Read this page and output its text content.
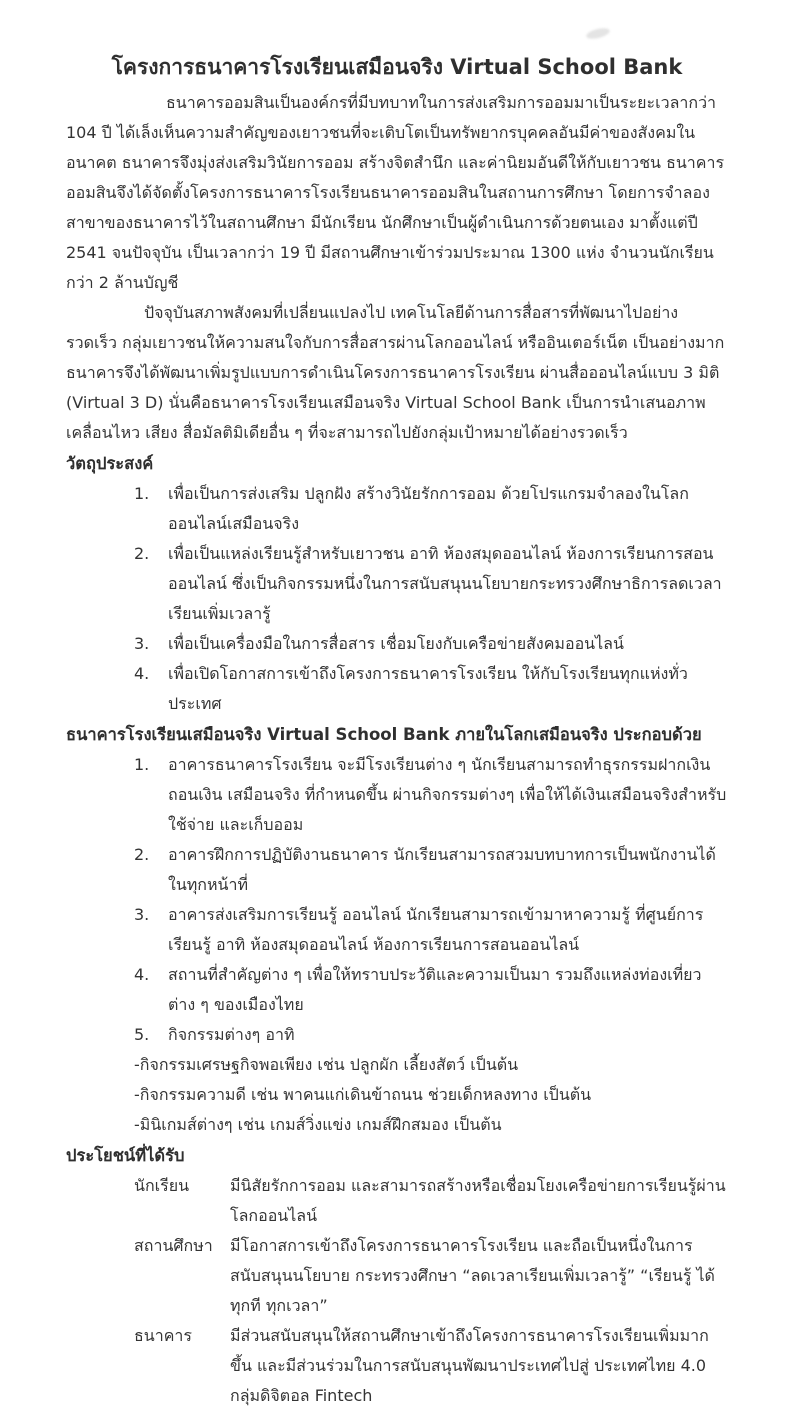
โครงการธนาคารโรงเรียนเสมือนจริง Virtual School Bank

ธนาคารออมสินเป็นองค์กรที่มีบทบาทในการส่งเสริมการออมมาเป็นระยะเวลากว่า 104 ปี ได้เล็งเห็นความสำคัญของเยาวชนที่จะเติบโตเป็นทรัพยากรบุคคลอันมีค่าของสังคมในอนาคต ธนาคารจึงมุ่งส่งเสริมวินัยการออม สร้างจิตสำนึก และค่านิยมอันดีให้กับเยาวชน ธนาคารออมสินจึงได้จัดตั้งโครงการธนาคารโรงเรียนธนาคารออมสินในสถานการศึกษา โดยการจำลองสาขาของธนาคารไว้ในสถานศึกษา มีนักเรียน นักศึกษาเป็นผู้ดำเนินการด้วยตนเอง มาตั้งแต่ปี 2541 จนปัจจุบัน เป็นเวลากว่า 19 ปี มีสถานศึกษาเข้าร่วมประมาณ 1300 แห่ง จำนวนนักเรียนกว่า 2 ล้านบัญชี

ปัจจุบันสภาพสังคมที่เปลี่ยนแปลงไป เทคโนโลยีด้านการสื่อสารที่พัฒนาไปอย่างรวดเร็ว กลุ่มเยาวชนให้ความสนใจกับการสื่อสารผ่านโลกออนไลน์ หรืออินเตอร์เน็ต เป็นอย่างมาก ธนาคารจึงได้พัฒนาเพิ่มรูปแบบการดำเนินโครงการธนาคารโรงเรียน ผ่านสื่อออนไลน์แบบ 3 มิติ (Virtual 3 D) นั่นคือธนาคารโรงเรียนเสมือนจริง Virtual School Bank เป็นการนำเสนอภาพเคลื่อนไหว เสียง สื่อมัลติมิเดียอื่น ๆ ที่จะสามารถไปยังกลุ่มเป้าหมายได้อย่างรวดเร็ว

วัตถุประสงค์
1.	เพื่อเป็นการส่งเสริม ปลูกฝัง สร้างวินัยรักการออม ด้วยโปรแกรมจำลองในโลกออนไลน์เสมือนจริง
2.	เพื่อเป็นแหล่งเรียนรู้สำหรับเยาวชน อาทิ ห้องสมุดออนไลน์ ห้องการเรียนการสอนออนไลน์ ซึ่งเป็นกิจกรรมหนึ่งในการสนับสนุนนโยบายกระทรวงศึกษาธิการลดเวลาเรียนเพิ่มเวลารู้
3.	เพื่อเป็นเครื่องมือในการสื่อสาร เชื่อมโยงกับเครือข่ายสังคมออนไลน์
4.	เพื่อเปิดโอกาสการเข้าถึงโครงการธนาคารโรงเรียน ให้กับโรงเรียนทุกแห่งทั่วประเทศ
ธนาคารโรงเรียนเสมือนจริง Virtual School Bank ภายในโลกเสมือนจริง ประกอบด้วย
1.	อาคารธนาคารโรงเรียน จะมีโรงเรียนต่าง ๆ นักเรียนสามารถทำธุรกรรมฝากเงิน ถอนเงิน เสมือนจริง ที่กำหนดขึ้น ผ่านกิจกรรมต่างๆ เพื่อให้ได้เงินเสมือนจริงสำหรับใช้จ่าย และเก็บออม
2.	อาคารฝึกการปฏิบัติงานธนาคาร นักเรียนสามารถสวมบทบาทการเป็นพนักงานได้ในทุกหน้าที่
3.	อาคารส่งเสริมการเรียนรู้ ออนไลน์ นักเรียนสามารถเข้ามาหาความรู้ ที่ศูนย์การเรียนรู้ อาทิ ห้องสมุดออนไลน์ ห้องการเรียนการสอนออนไลน์
4.	สถานที่สำคัญต่าง ๆ เพื่อให้ทราบประวัติและความเป็นมา รวมถึงแหล่งท่องเที่ยวต่าง ๆ ของเมืองไทย
5.	กิจกรรมต่างๆ อาทิ
-กิจกรรมเศรษฐกิจพอเพียง เช่น ปลูกผัก เลี้ยงสัตว์ เป็นต้น
-กิจกรรมความดี เช่น พาคนแก่เดินข้าถนน ช่วยเด็กหลงทาง เป็นต้น
-มินิเกมส์ต่างๆ เช่น เกมส์วิ่งแข่ง เกมส์ฝึกสมอง เป็นต้น
ประโยชน์ที่ได้รับ
นักเรียน	มีนิสัยรักการออม และสามารถสร้างหรือเชื่อมโยงเครือข่ายการเรียนรู้ผ่านโลกออนไลน์
สถานศึกษา	มีโอกาสการเข้าถึงโครงการธนาคารโรงเรียน และถือเป็นหนึ่งในการสนับสนุนนโยบาย กระทรวงศึกษา “ลดเวลาเรียนเพิ่มเวลารู้” “เรียนรู้ ได้ทุกที ทุกเวลา”
ธนาคาร	มีส่วนสนับสนุนให้สถานศึกษาเข้าถึงโครงการธนาคารโรงเรียนเพิ่มมากขึ้น และมีส่วนร่วมในการสนับสนุนพัฒนาประเทศไปสู่ ประเทศไทย 4.0 กลุ่มดิจิตอล Fintech
